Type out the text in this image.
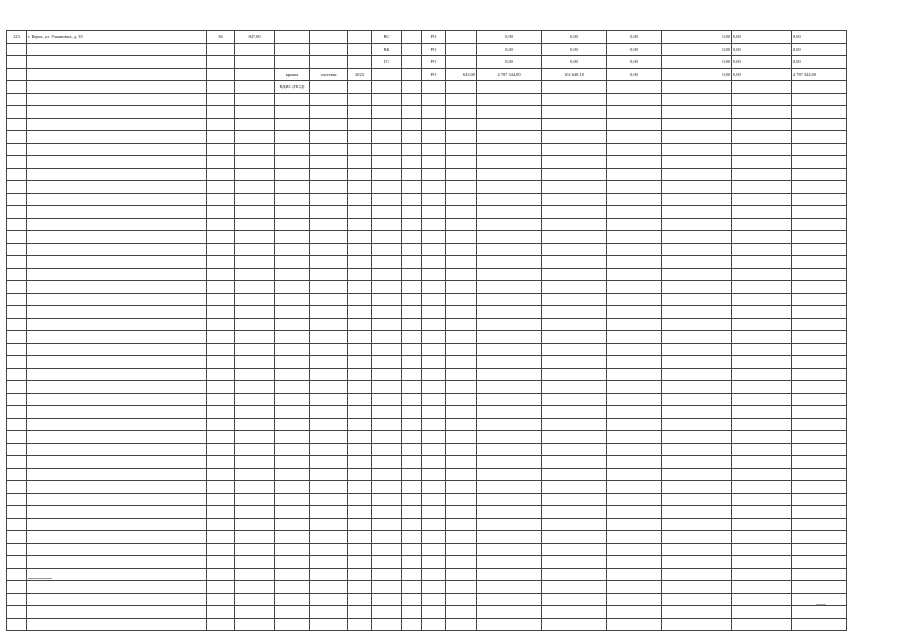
223	г. Керчь, ул. Ульяновых, д. 35	36	847,00				ВС		РО		0,00	0,00	0,00	0,00	0,00	0,00
							ВК		РО		0,00	0,00	0,00	0,00	0,00	0,00
							ГС		РО		0,00	0,00	0,00	0,00	0,00	0,00
				крыша	системы	2023			РО	643,00	4 787 344,00	102 648,18	0,00	0,00	0,00	4 787 344,00
				ВДИС (ПСД)												
